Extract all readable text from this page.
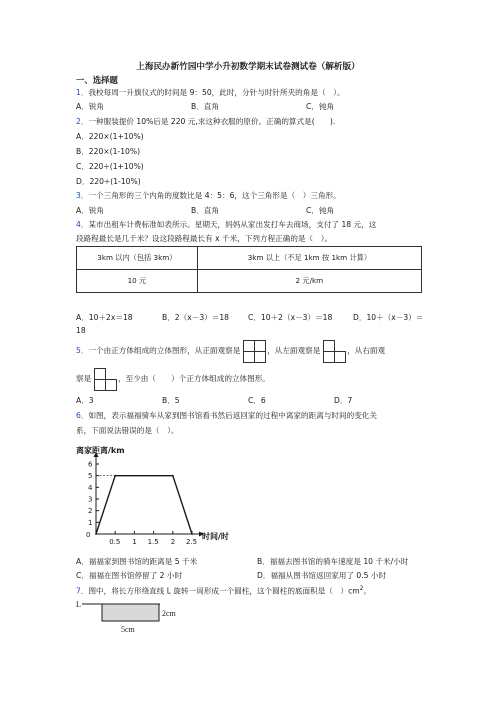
上海民办新竹园中学小升初数学期末试卷测试卷（解析版）
一、选择题
1．我校每周一升旗仪式的时间是 9：50，此时，分针与时针所夹的角是（　）。
A．锐角	B．直角	C．钝角
2．一种服装提价 10%后是 220 元,求这种衣服的原价。正确的算式是(　　).
A．220×(1+10%)
B．220×(1-10%)
C．220÷(1+10%)
D．220÷(1-10%)
3．一个三角形的三个内角的度数比是 4：5：6，这个三角形是（　）三角形。
A．锐角	B．直角	C．钝角
4．某市出租车计费标准如表所示。星期天，妈妈从家出发打车去商场，支付了 18 元，这
段路程最长是几千米？设这段路程最长有 x 千米，下列方程正确的是（　）。
3km 以内（包括 3km）	3km 以上（不足 1km 按 1km 计算）
10 元	2 元/km
A．10＋2x＝18	B．2（x－3）＝18	C．10＋2（x－3）＝18	D．10＋（x－3）＝
18
5．一个由正方体组成的立体图形，从正面观察是	，从左面观察是	，从右面观
察是	，至少由（　　）个正方体组成的立体图形。
A．3	B．5	C．6	D．7
6．如图，表示福福骑车从家到图书馆看书然后返回家的过程中离家的距离与时间的变化关
系，下面说法错误的是（　）。
1
2
3
4
5
6
0.5 1 1.5 2 2.5
离家距离/km
时间/时
0
A．福福家到图书馆的距离是 5 千米	B．福福去图书馆的骑车速度是 10 千米/小时
C．福福在图书馆停留了 2 小时	D．福福从图书馆返回家用了 0.5 小时
7．图中，将长方形绕直线 L 旋转一周形成一个圆柱，这个圆柱的底面积是（　）$cm^2$。
L
2cm
5cm
